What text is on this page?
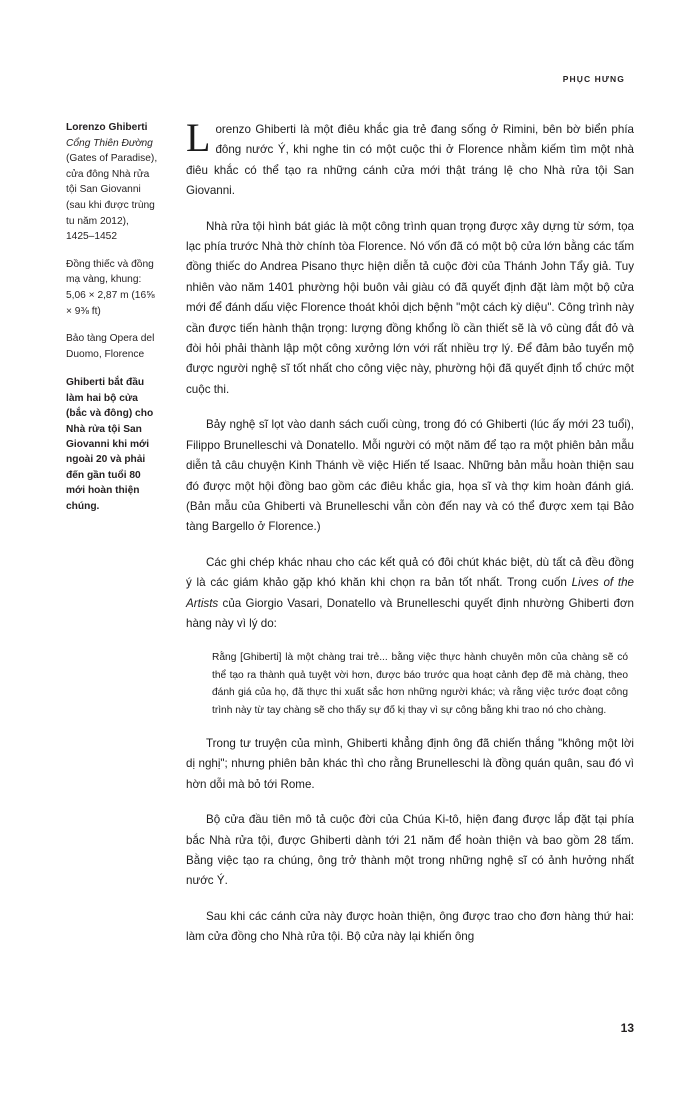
PHỤC HƯNG

Lorenzo Ghiberti

Cổng Thiên Đường (Gates of Paradise), cửa đông Nhà rửa tội San Giovanni (sau khi được trùng tu năm 2012), 1425–1452

Đồng thiếc và đồng mạ vàng, khung: 5,06 × 2,87 m (16⅝ × 9⅜ ft)

Bảo tàng Opera del Duomo, Florence

Ghiberti bắt đầu làm hai bộ cửa (bắc và đông) cho Nhà rửa tội San Giovanni khi mới ngoài 20 và phải đến gần tuổi 80 mới hoàn thiện chúng.

Lorenzo Ghiberti là một điêu khắc gia trẻ đang sống ở Rimini, bên bờ biển phía đông nước Ý, khi nghe tin có một cuộc thi ở Florence nhằm kiếm tìm một nhà điêu khắc có thể tạo ra những cánh cửa mới thật tráng lệ cho Nhà rửa tội San Giovanni.

Nhà rửa tội hình bát giác là một công trình quan trọng được xây dựng từ sớm, tọa lạc phía trước Nhà thờ chính tòa Florence. Nó vốn đã có một bộ cửa lớn bằng các tấm đồng thiếc do Andrea Pisano thực hiện diễn tả cuộc đời của Thánh John Tẩy giả. Tuy nhiên vào năm 1401 phường hội buôn vải giàu có đã quyết định đặt làm một bộ cửa mới để đánh dấu việc Florence thoát khỏi dịch bệnh "một cách kỳ diệu". Công trình này cần được tiến hành thận trọng: lượng đồng khổng lồ cần thiết sẽ là vô cùng đắt đỏ và đòi hỏi phải thành lập một công xưởng lớn với rất nhiều trợ lý. Để đảm bảo tuyển mộ được người nghệ sĩ tốt nhất cho công việc này, phường hội đã quyết định tổ chức một cuộc thi.

Bảy nghệ sĩ lọt vào danh sách cuối cùng, trong đó có Ghiberti (lúc ấy mới 23 tuổi), Filippo Brunelleschi và Donatello. Mỗi người có một năm để tạo ra một phiên bản mẫu diễn tả câu chuyện Kinh Thánh về việc Hiến tế Isaac. Những bản mẫu hoàn thiện sau đó được một hội đồng bao gồm các điêu khắc gia, họa sĩ và thợ kim hoàn đánh giá. (Bản mẫu của Ghiberti và Brunelleschi vẫn còn đến nay và có thể được xem tại Bảo tàng Bargello ở Florence.)

Các ghi chép khác nhau cho các kết quả có đôi chút khác biệt, dù tất cả đều đồng ý là các giám khảo gặp khó khăn khi chọn ra bản tốt nhất. Trong cuốn Lives of the Artists của Giorgio Vasari, Donatello và Brunelleschi quyết định nhường Ghiberti đơn hàng này vì lý do:

Rằng [Ghiberti] là một chàng trai trẻ... bằng việc thực hành chuyên môn của chàng sẽ có thể tạo ra thành quả tuyệt vời hơn, được báo trước qua hoạt cảnh đẹp đẽ mà chàng, theo đánh giá của họ, đã thực thi xuất sắc hơn những người khác; và rằng việc tước đoạt công trình này từ tay chàng sẽ cho thấy sự đố kị thay vì sự công bằng khi trao nó cho chàng.

Trong tư truyện của mình, Ghiberti khẳng định ông đã chiến thắng "không một lời dị nghị"; nhưng phiên bản khác thì cho rằng Brunelleschi là đồng quán quân, sau đó vì hờn dỗi mà bỏ tới Rome.

Bộ cửa đầu tiên mô tả cuộc đời của Chúa Ki-tô, hiện đang được lắp đặt tại phía bắc Nhà rửa tội, được Ghiberti dành tới 21 năm để hoàn thiện và bao gồm 28 tấm. Bằng việc tạo ra chúng, ông trở thành một trong những nghệ sĩ có ảnh hưởng nhất nước Ý.

Sau khi các cánh cửa này được hoàn thiện, ông được trao cho đơn hàng thứ hai: làm cửa đồng cho Nhà rửa tội. Bộ cửa này lại khiến ông

13
